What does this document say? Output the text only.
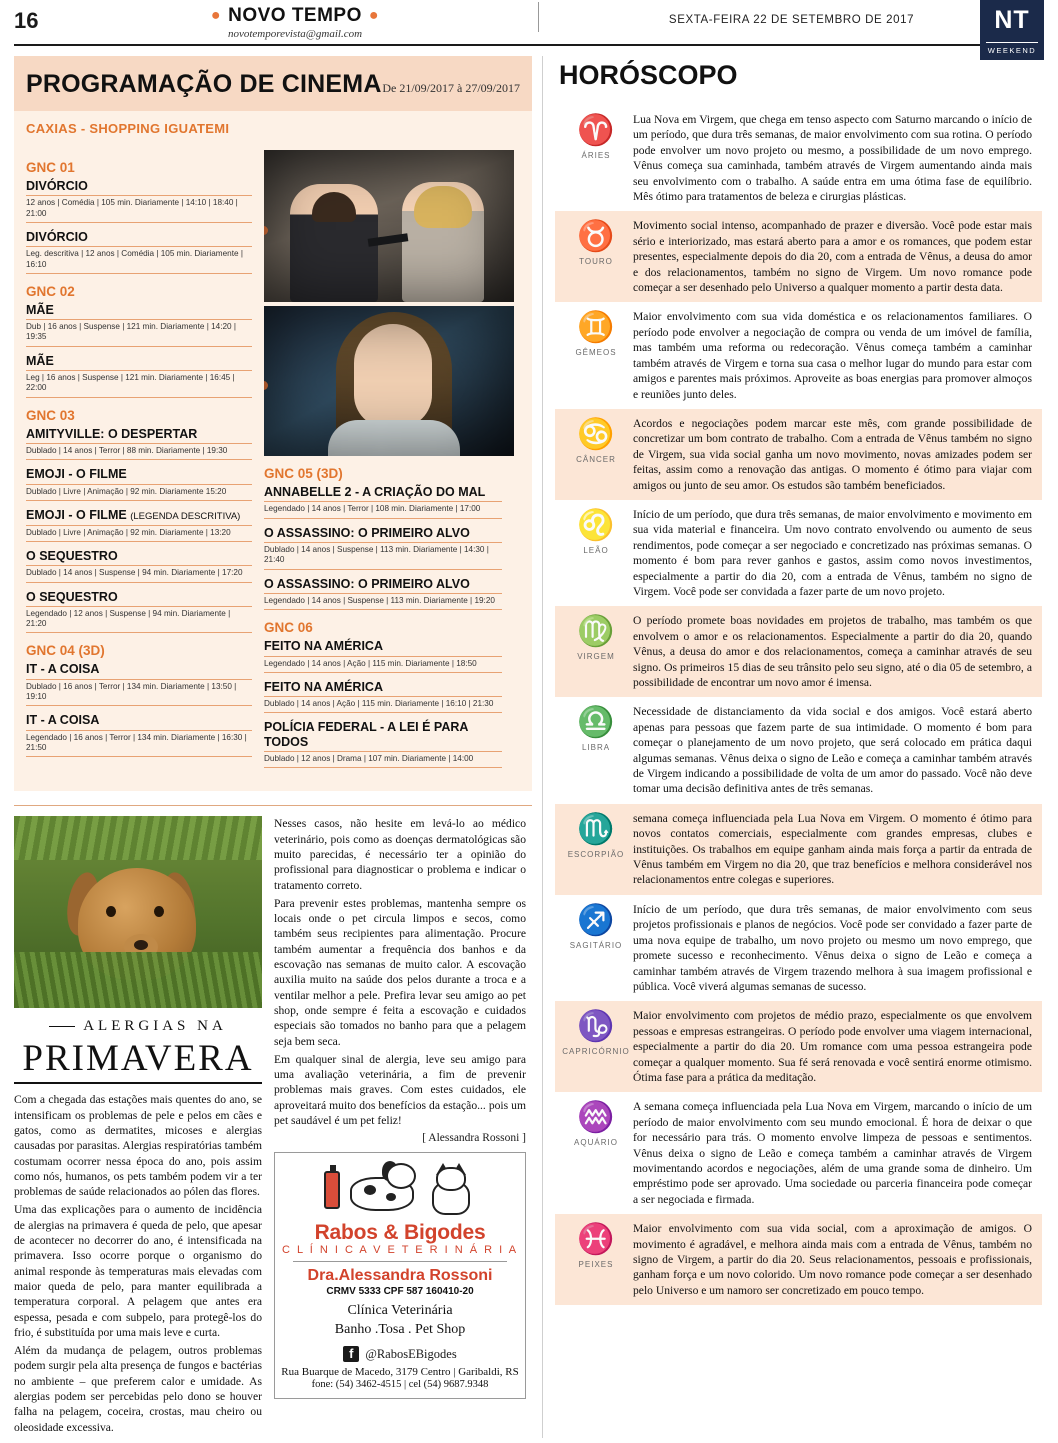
16	● NOVO TEMPO ●
novotemporevista@gmail.com
SEXTA-FEIRA 22 DE SETEMBRO DE 2017	NT
WEEKEND
PROGRAMAÇÃO DE CINEMA De 21/09/2017 à 27/09/2017
CAXIAS - SHOPPING IGUATEMI
GNC 01
DIVÓRCIO
12 anos | Comédia | 105 min. Diariamente | 14:10 | 18:40 | 21:00
DIVÓRCIO
Leg. descritiva | 12 anos | Comédia | 105 min. Diariamente | 16:10
GNC 02
MÃE
Dub | 16 anos | Suspense | 121 min. Diariamente | 14:20 | 19:35
MÃE
Leg | 16 anos | Suspense | 121 min. Diariamente | 16:45 | 22:00
GNC 03
AMITYVILLE: O DESPERTAR
Dublado | 14 anos | Terror | 88 min. Diariamente | 19:30
EMOJI - O FILME
Dublado | Livre | Animação | 92 min. Diariamente 15:20
EMOJI - O FILME (LEGENDA DESCRITIVA)
Dublado | Livre | Animação | 92 min. Diariamente | 13:20
O SEQUESTRO
Dublado | 14 anos | Suspense | 94 min. Diariamente | 17:20
O SEQUESTRO
Legendado | 12 anos | Suspense | 94 min. Diariamente | 21:20
GNC 04 (3D)
IT - A COISA
Dublado | 16 anos | Terror | 134 min. Diariamente | 13:50 | 19:10
IT - A COISA
Legendado | 16 anos | Terror | 134 min. Diariamente | 16:30 | 21:50
GNC 05 (3D)
ANNABELLE 2 - A CRIAÇÃO DO MAL
Legendado | 14 anos | Terror | 108 min. Diariamente | 17:00
O ASSASSINO: O PRIMEIRO ALVO
Dublado | 14 anos | Suspense | 113 min. Diariamente | 14:30 | 21:40
O ASSASSINO: O PRIMEIRO ALVO
Legendado | 14 anos | Suspense | 113 min. Diariamente | 19:20
GNC 06
FEITO NA AMÉRICA
Legendado | 14 anos | Ação | 115 min. Diariamente | 18:50
FEITO NA AMÉRICA
Dublado | 14 anos | Ação | 115 min. Diariamente | 16:10 | 21:30
POLÍCIA FEDERAL - A LEI É PARA TODOS
Dublado | 12 anos | Drama | 107 min. Diariamente | 14:00
ALERGIAS NA
PRIMAVERA

Com a chegada das estações mais quentes do ano, se intensificam os problemas de pele e pelos em cães e gatos, como as dermatites, micoses e alergias causadas por parasitas. Alergias respiratórias também costumam ocorrer nessa época do ano, pois assim como nós, humanos, os pets também podem vir a ter problemas de saúde relacionados ao pólen das flores.

Uma das explicações para o aumento de incidência de alergias na primavera é queda de pelo, que apesar de acontecer no decorrer do ano, é intensificada na primavera. Isso ocorre porque o organismo do animal responde às temperaturas mais elevadas com maior queda de pelo, para manter equilibrada a temperatura corporal. A pelagem que antes era espessa, pesada e com subpelo, para protegê-los do frio, é substituída por uma mais leve e curta.

Além da mudança de pelagem, outros problemas podem surgir pela alta presença de fungos e bactérias no ambiente – que preferem calor e umidade. As alergias podem ser percebidas pelo dono se houver falha na pelagem, coceira, crostas, mau cheiro ou oleosidade excessiva.

Nesses casos, não hesite em levá-lo ao médico veterinário, pois como as doenças dermatológicas são muito parecidas, é necessário ter a opinião do profissional para diagnosticar o problema e indicar o tratamento correto.

Para prevenir estes problemas, mantenha sempre os locais onde o pet circula limpos e secos, como também seus recipientes para alimentação. Procure também aumentar a frequência dos banhos e da escovação nas semanas de muito calor. A escovação auxilia muito na saúde dos pelos durante a troca e a ventilar melhor a pele. Prefira levar seu amigo ao pet shop, onde sempre é feita a escovação e cuidados especiais são tomados no banho para que a pelagem seja bem seca.

Em qualquer sinal de alergia, leve seu amigo para uma avaliação veterinária, a fim de prevenir problemas mais graves. Com estes cuidados, ele aproveitará muito dos benefícios da estação... pois um pet saudável é um pet feliz!

[ Alessandra Rossoni ]
Rabos & Bigodes
C L Í N I C A V E T E R I N Á R I A
Dra.Alessandra Rossoni
CRMV 5333 CPF 587 160410-20
Clínica Veterinária
Banho .Tosa . Pet Shop
f @RabosEBigodes
Rua Buarque de Macedo, 3179 Centro | Garibaldi, RS
fone: (54) 3462-4515 | cel (54) 9687.9348
HORÓSCOPO
♈
ÁRIES
Lua Nova em Virgem, que chega em tenso aspecto com Saturno marcando o início de um período, que dura três semanas, de maior envolvimento com sua rotina. O período pode envolver um novo projeto ou mesmo, a possibilidade de um novo emprego. Vênus começa sua caminhada, também através de Virgem aumentando ainda mais seu envolvimento com o trabalho. A saúde entra em uma ótima fase de equilíbrio. Mês ótimo para tratamentos de beleza e cirurgias plásticas.
♉
TOURO
Movimento social intenso, acompanhado de prazer e diversão. Você pode estar mais sério e interiorizado, mas estará aberto para a amor e os romances, que podem estar presentes, especialmente depois do dia 20, com a entrada de Vênus, a deusa do amor e dos relacionamentos, também no signo de Virgem. Um novo romance pode começar a ser desenhado pelo Universo a qualquer momento a partir desta data.
♊
GÊMEOS
Maior envolvimento com sua vida doméstica e os relacionamentos familiares. O período pode envolver a negociação de compra ou venda de um imóvel de família, mas também uma reforma ou redecoração. Vênus começa também a caminhar também através de Virgem e torna sua casa o melhor lugar do mundo para estar com amigos e parentes mais próximos. Aproveite as boas energias para promover almoços e reuniões junto deles.
♋
CÂNCER
Acordos e negociações podem marcar este mês, com grande possibilidade de concretizar um bom contrato de trabalho. Com a entrada de Vênus também no signo de Virgem, sua vida social ganha um novo movimento, novas amizades podem ser feitas, assim como a renovação das antigas. O momento é ótimo para viajar com amigos ou junto de seu amor. Os estudos são também beneficiados.
♌
LEÃO
Início de um período, que dura três semanas, de maior envolvimento e movimento em sua vida material e financeira. Um novo contrato envolvendo ou aumento de seus rendimentos, pode começar a ser negociado e concretizado nas próximas semanas. O momento é bom para rever ganhos e gastos, assim como novos investimentos, especialmente a partir do dia 20, com a entrada de Vênus, também no signo de Virgem. Você pode ser convidada a fazer parte de um novo projeto.
♍
VIRGEM
O período promete boas novidades em projetos de trabalho, mas também os que envolvem o amor e os relacionamentos. Especialmente a partir do dia 20, quando Vênus, a deusa do amor e dos relacionamentos, começa a caminhar através de seu signo. Os primeiros 15 dias de seu trânsito pelo seu signo, até o dia 05 de setembro, a possibilidade de encontrar um novo amor é imensa.
♎
LIBRA
Necessidade de distanciamento da vida social e dos amigos. Você estará aberto apenas para pessoas que fazem parte de sua intimidade. O momento é bom para começar o planejamento de um novo projeto, que será colocado em prática daqui algumas semanas. Vênus deixa o signo de Leão e começa a caminhar também através de Virgem indicando a possibilidade de volta de um amor do passado. Você não deve tomar uma decisão definitiva antes de três semanas.
♏
ESCORPIÃO
semana começa influenciada pela Lua Nova em Virgem. O momento é ótimo para novos contatos comerciais, especialmente com grandes empresas, clubes e instituições. Os trabalhos em equipe ganham ainda mais força a partir da entrada de Vênus também em Virgem no dia 20, que traz benefícios e melhora considerável nos relacionamentos entre colegas e superiores.
♐
SAGITÁRIO
Início de um período, que dura três semanas, de maior envolvimento com seus projetos profissionais e planos de negócios. Você pode ser convidado a fazer parte de uma nova equipe de trabalho, um novo projeto ou mesmo um novo emprego, que promete sucesso e reconhecimento. Vênus deixa o signo de Leão e começa a caminhar também através de Virgem trazendo melhora à sua imagem profissional e pública. Você viverá algumas semanas de sucesso.
♑
CAPRICÓRNIO
Maior envolvimento com projetos de médio prazo, especialmente os que envolvem pessoas e empresas estrangeiras. O período pode envolver uma viagem internacional, especialmente a partir do dia 20. Um romance com uma pessoa estrangeira pode começar a qualquer momento. Sua fé será renovada e você sentirá enorme otimismo. Ótima fase para a prática da meditação.
♒
AQUÁRIO
A semana começa influenciada pela Lua Nova em Virgem, marcando o início de um período de maior envolvimento com seu mundo emocional. É hora de deixar o que for necessário para trás. O momento envolve limpeza de pessoas e sentimentos. Vênus deixa o signo de Leão e começa também a caminhar através de Virgem movimentando acordos e negociações, além de uma grande soma de dinheiro. Um empréstimo pode ser aprovado. Uma sociedade ou parceria financeira pode começar a ser negociada e firmada.
♓
PEIXES
Maior envolvimento com sua vida social, com a aproximação de amigos. O movimento é agradável, e melhora ainda mais com a entrada de Vênus, também no signo de Virgem, a partir do dia 20. Seus relacionamentos, pessoais e profissionais, ganham força e um novo colorido. Um novo romance pode começar a ser desenhado pelo Universo e um namoro ser concretizado em pouco tempo.
